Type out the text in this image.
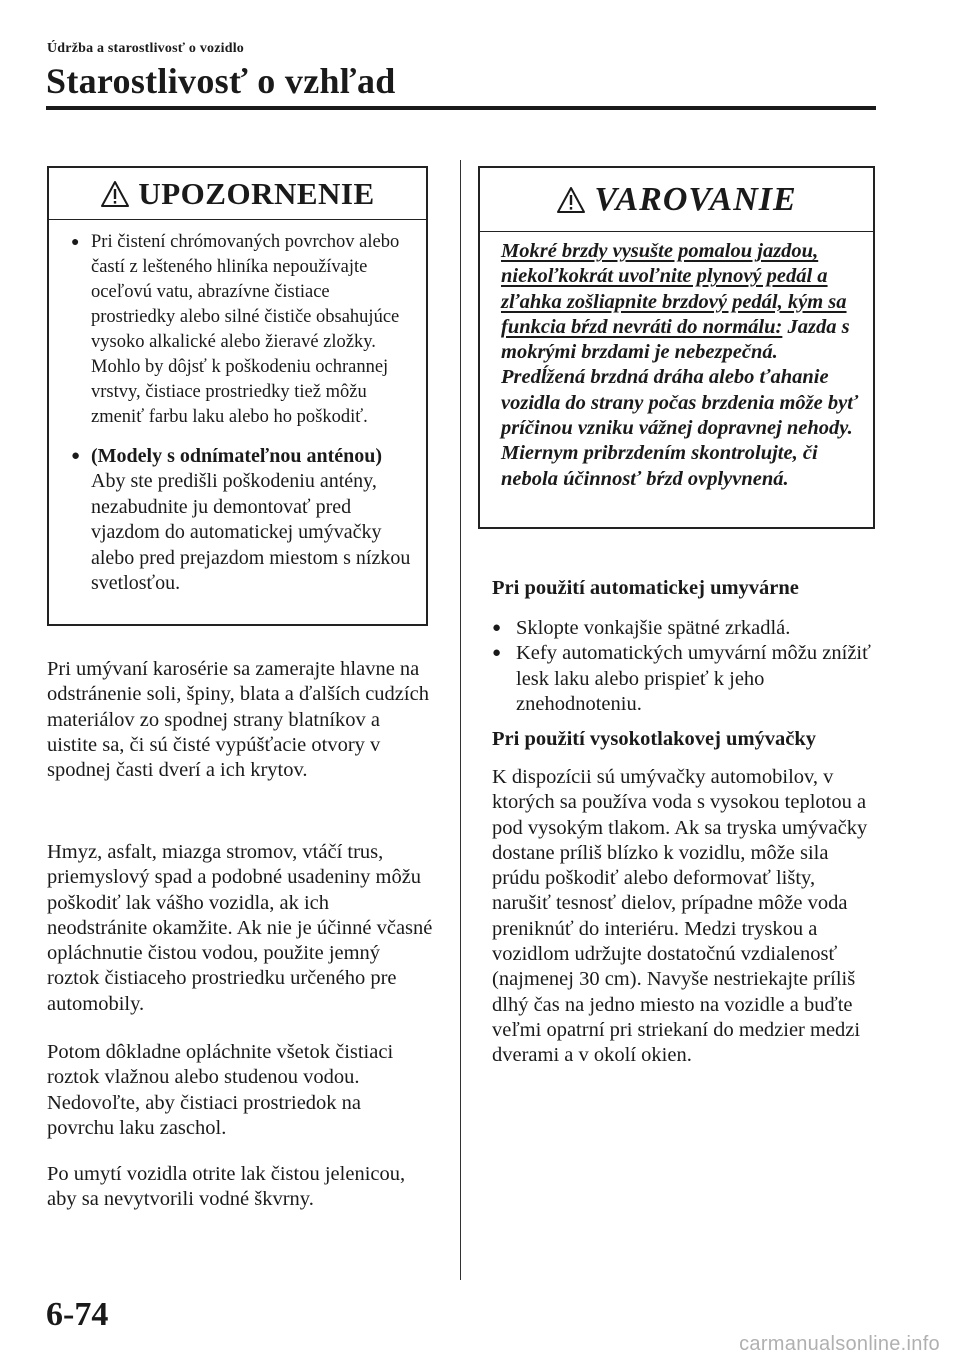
Údržba a starostlivosť o vozidlo
Starostlivosť o vzhľad
UPOZORNENIE
● Pri čistení chrómovaných povrchov alebo častí z lešteného hliníka nepoužívajte oceľovú vatu, abrazívne čistiace prostriedky alebo silné čističe obsahujúce vysoko alkalické alebo žieravé zložky. Mohlo by dôjsť k poškodeniu ochrannej vrstvy, čistiace prostriedky tiež môžu zmeniť farbu laku alebo ho poškodiť.
● (Modely s odnímateľnou anténou) Aby ste predišli poškodeniu antény, nezabudnite ju demontovať pred vjazdom do automatickej umývačky alebo pred prejazdom miestom s nízkou svetlosťou.

Pri umývaní karosérie sa zamerajte hlavne na odstránenie soli, špiny, blata a ďalších cudzích materiálov zo spodnej strany blatníkov a uistite sa, či sú čisté vypúšťacie otvory v spodnej časti dverí a ich krytov.

Hmyz, asfalt, miazga stromov, vtáčí trus, priemyslový spad a podobné usadeniny môžu poškodiť lak vášho vozidla, ak ich neodstránite okamžite. Ak nie je účinné včasné opláchnutie čistou vodou, použite jemný roztok čistiaceho prostriedku určeného pre automobily.

Potom dôkladne opláchnite všetok čistiaci roztok vlažnou alebo studenou vodou. Nedovoľte, aby čistiaci prostriedok na povrchu laku zaschol.

Po umytí vozidla otrite lak čistou jelenicou, aby sa nevytvorili vodné škvrny.

VAROVANIE
Mokré brzdy vysušte pomalou jazdou, niekoľkokrát uvoľnite plynový pedál a zľahka zošliapnite brzdový pedál, kým sa funkcia bŕzd nevráti do normálu: Jazda s mokrými brzdami je nebezpečná. Predĺžená brzdná dráha alebo ťahanie vozidla do strany počas brzdenia môže byť príčinou vzniku vážnej dopravnej nehody. Miernym pribrzdením skontrolujte, či nebola účinnosť bŕzd ovplyvnená.
Pri použití automatickej umyvárne
● Sklopte vonkajšie spätné zrkadlá.
● Kefy automatických umyvární môžu znížiť lesk laku alebo prispieť k jeho znehodnoteniu.
Pri použití vysokotlakovej umývačky

K dispozícii sú umývačky automobilov, v ktorých sa používa voda s vysokou teplotou a pod vysokým tlakom. Ak sa tryska umývačky dostane príliš blízko k vozidlu, môže sila prúdu poškodiť alebo deformovať lišty, narušiť tesnosť dielov, prípadne môže voda preniknúť do interiéru. Medzi tryskou a vozidlom udržujte dostatočnú vzdialenosť (najmenej 30 cm). Navyše nestriekajte príliš dlhý čas na jedno miesto na vozidle a buďte veľmi opatrní pri striekaní do medzier medzi dverami a v okolí okien.

6-74
carmanualsonline.info
